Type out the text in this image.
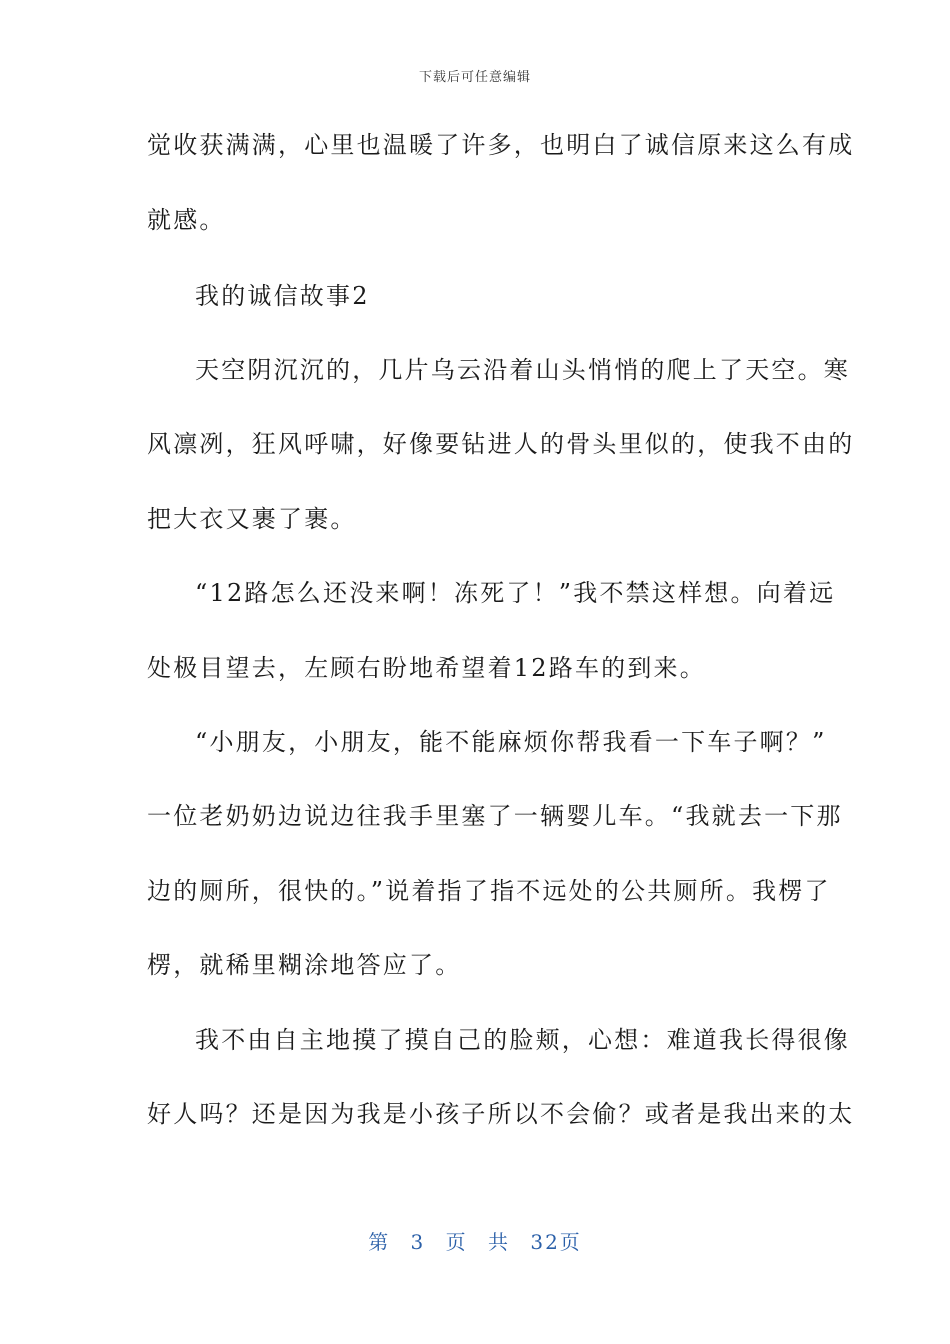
下载后可任意编辑
觉收获满满，心里也温暖了许多，也明白了诚信原来这么有成
就感。
我的诚信故事2
天空阴沉沉的，几片乌云沿着山头悄悄的爬上了天空。寒
风凛冽，狂风呼啸，好像要钻进人的骨头里似的，使我不由的
把大衣又裹了裹。
“12路怎么还没来啊！冻死了！”我不禁这样想。向着远
处极目望去，左顾右盼地希望着12路车的到来。
“小朋友，小朋友，能不能麻烦你帮我看一下车子啊？”
一位老奶奶边说边往我手里塞了一辆婴儿车。“我就去一下那
边的厕所，很快的。”说着指了指不远处的公共厕所。我楞了
楞，就稀里糊涂地答应了。
我不由自主地摸了摸自己的脸颊，心想：难道我长得很像
好人吗？还是因为我是小孩子所以不会偷？或者是我出来的太
第 3 页 共 32页
